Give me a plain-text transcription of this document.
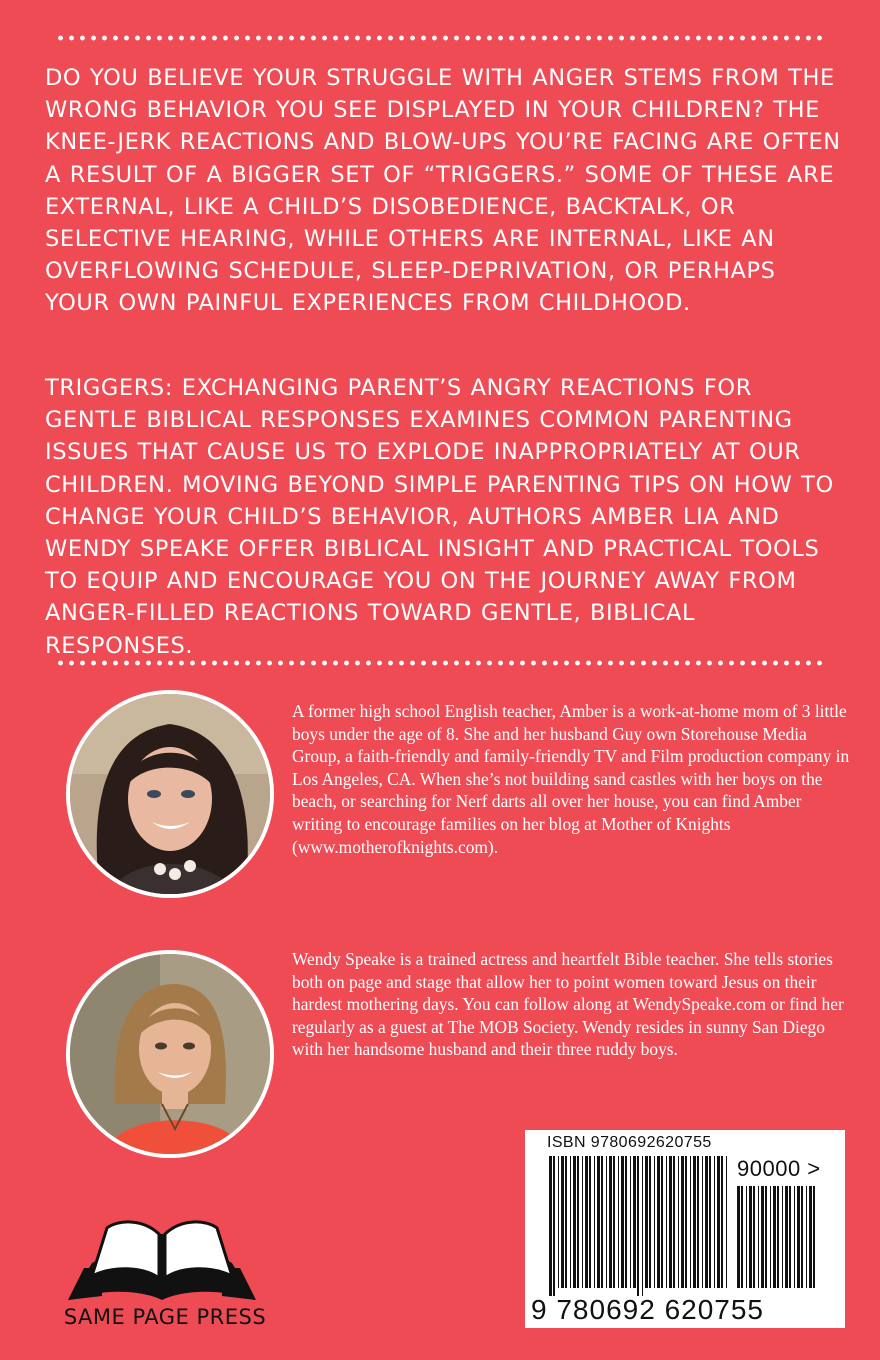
DO YOU BELIEVE YOUR STRUGGLE WITH ANGER STEMS FROM THE WRONG BEHAVIOR YOU SEE DISPLAYED IN YOUR CHILDREN? THE KNEE-JERK REACTIONS AND BLOW-UPS YOU’RE FACING ARE OFTEN A RESULT OF A BIGGER SET OF “TRIGGERS.” SOME OF THESE ARE EXTERNAL, LIKE A CHILD’S DISOBEDIENCE, BACKTALK, OR SELECTIVE HEARING, WHILE OTHERS ARE INTERNAL, LIKE AN OVERFLOWING SCHEDULE, SLEEP-DEPRIVATION, OR PERHAPS YOUR OWN PAINFUL EXPERIENCES FROM CHILDHOOD.

TRIGGERS: EXCHANGING PARENT’S ANGRY REACTIONS FOR GENTLE BIBLICAL RESPONSES EXAMINES COMMON PARENTING ISSUES THAT CAUSE US TO EXPLODE INAPPROPRIATELY AT OUR CHILDREN. MOVING BEYOND SIMPLE PARENTING TIPS ON HOW TO CHANGE YOUR CHILD’S BEHAVIOR, AUTHORS AMBER LIA AND WENDY SPEAKE OFFER BIBLICAL INSIGHT AND PRACTICAL TOOLS TO EQUIP AND ENCOURAGE YOU ON THE JOURNEY AWAY FROM ANGER-FILLED REACTIONS TOWARD GENTLE, BIBLICAL RESPONSES.

A former high school English teacher, Amber is a work-at-home mom of 3 little boys under the age of 8. She and her husband Guy own Storehouse Media Group, a faith-friendly and family-friendly TV and Film production company in Los Angeles, CA. When she’s not building sand castles with her boys on the beach, or searching for Nerf darts all over her house, you can find Amber writing to encourage families on her blog at Mother of Knights (www.motherofknights.com).

Wendy Speake is a trained actress and heartfelt Bible teacher. She tells stories both on page and stage that allow her to point women toward Jesus on their hardest mothering days. You can follow along at WendySpeake.com or find her regularly as a guest at The MOB Society. Wendy resides in sunny San Diego with her handsome husband and their three ruddy boys.

ISBN 9780692620755
90000 >
9 780692 620755
SAME PAGE PRESS
